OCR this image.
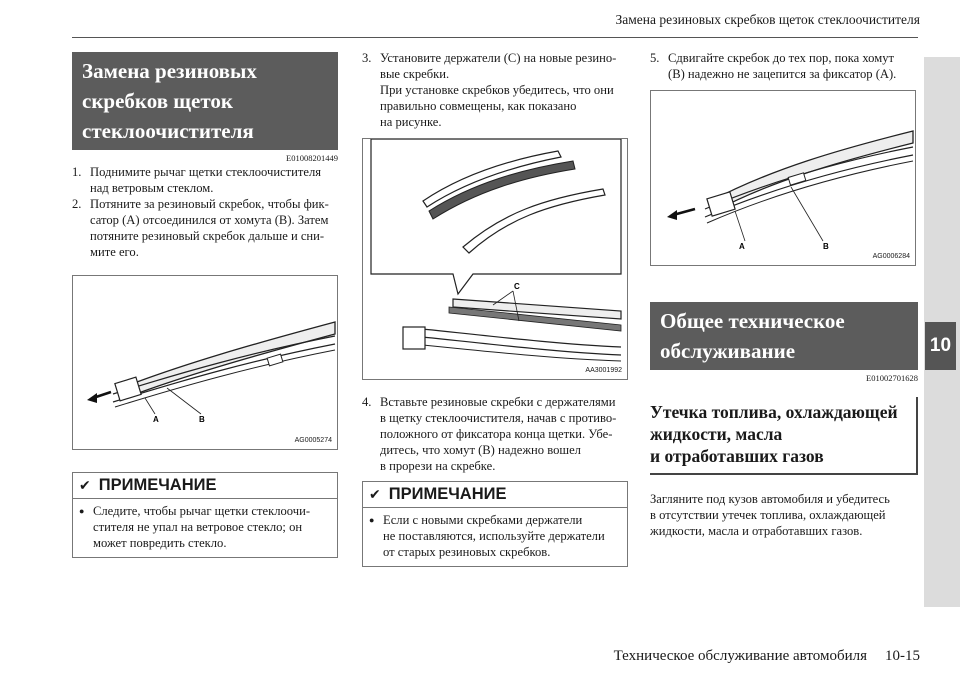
Замена резиновых скребков щеток стеклоочистителя
10
Техническое обслуживание автомобиля 10-15
Замена резиновых
скребков щеток
стеклоочистителя
E01008201449
1. Поднимите рычаг щетки стеклоочистителя
над ветровым стеклом.
2. Потяните за резиновый скребок, чтобы фик-
сатор (A) отсоединился от хомута (B). Затем
потяните резиновый скребок дальше и сни-
мите его.
A	B
AG0005274
✔ ПРИМЕЧАНИЕ
● Следите, чтобы рычаг щетки стеклоочи-
стителя не упал на ветровое стекло; он
может повредить стекло.
3. Установите держатели (C) на новые резино-
вые скребки.
При установке скребков убедитесь, что они
правильно совмещены, как показано
на рисунке.
C
AA3001992
4. Вставьте резиновые скребки с держателями
в щетку стеклоочистителя, начав с противо-
положного от фиксатора конца щетки. Убе-
дитесь, что хомут (B) надежно вошел
в прорези на скребке.
✔ ПРИМЕЧАНИЕ
● Если с новыми скребками держатели
не поставляются, используйте держатели
от старых резиновых скребков.
5. Сдвигайте скребок до тех пор, пока хомут
(B) надежно не зацепится за фиксатор (A).
A	B
AG0006284
Общее техническое
обслуживание
E01002701628
Утечка топлива, охлаждающей
жидкости, масла
и отработавших газов
Загляните под кузов автомобиля и убедитесь
в отсутствии утечек топлива, охлаждающей
жидкости, масла и отработавших газов.
